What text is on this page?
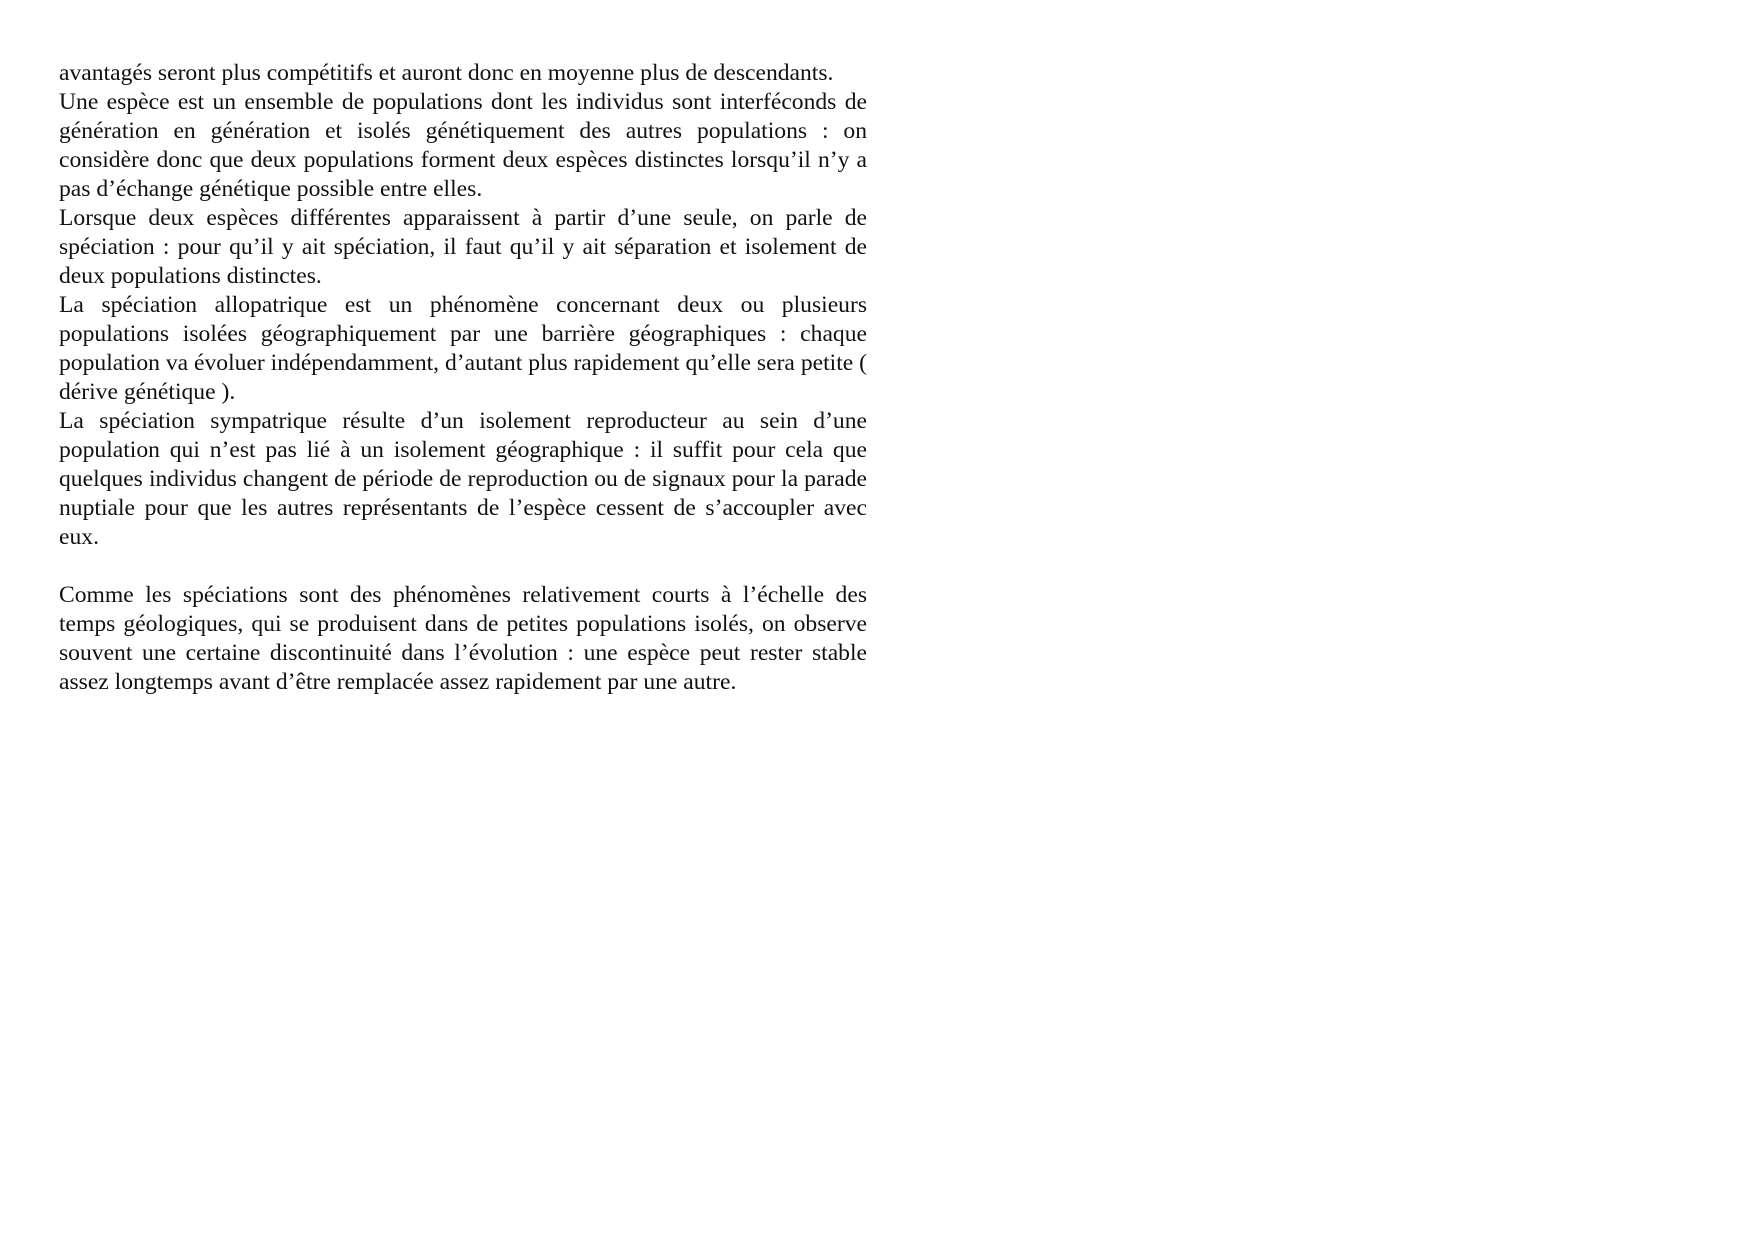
avantagés seront plus compétitifs et auront donc en moyenne plus de descendants.

Une espèce est un ensemble de populations dont les individus sont interféconds de génération en génération et isolés génétiquement des autres populations : on considère donc que deux populations forment deux espèces distinctes lorsqu’il n’y a pas d’échange génétique possible entre elles.

Lorsque deux espèces différentes apparaissent à partir d’une seule, on parle de spéciation : pour qu’il y ait spéciation, il faut qu’il y ait séparation et isolement de deux populations distinctes.

La spéciation allopatrique est un phénomène concernant deux ou plusieurs populations isolées géographiquement par une barrière géographiques : chaque population va évoluer indépendamment, d’autant plus rapidement qu’elle sera petite ( dérive génétique ).

La spéciation sympatrique résulte d’un isolement reproducteur au sein d’une population qui n’est pas lié à un isolement géographique : il suffit pour cela que quelques individus changent de période de reproduction ou de signaux pour la parade nuptiale pour que les autres représentants de l’espèce cessent de s’accoupler avec eux.

Comme les spéciations sont des phénomènes relativement courts à l’échelle des temps géologiques, qui se produisent dans de petites populations isolés, on observe souvent une certaine discontinuité dans l’évolution : une espèce peut rester stable assez longtemps avant d’être remplacée assez rapidement par une autre.
